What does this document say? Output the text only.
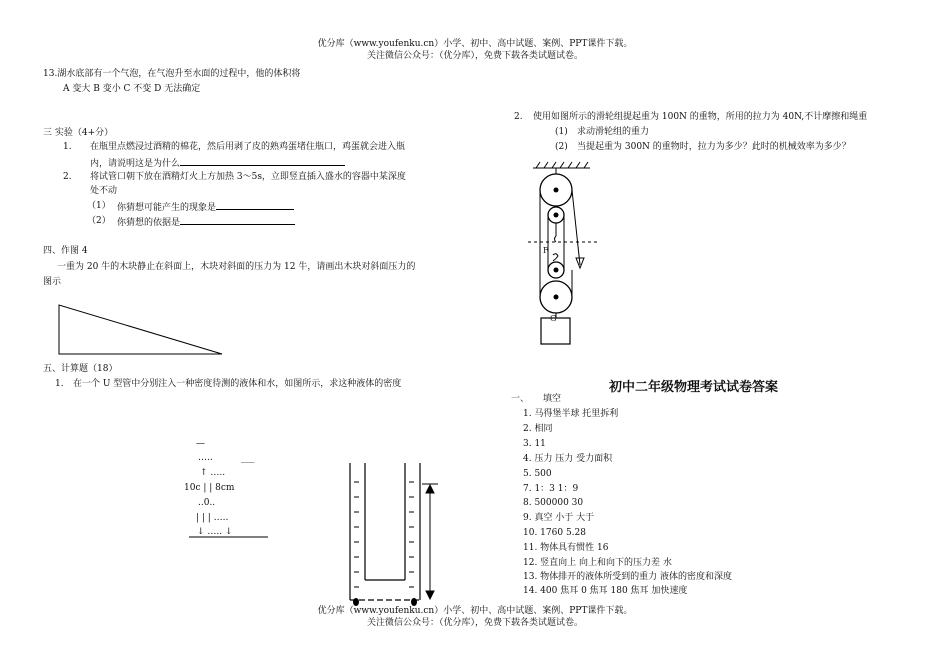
优分库（www.youfenku.cn）小学、初中、高中试题、案例、PPT课件下载。
关注微信公众号：（优分库），免费下载各类试题试卷。
13.湖水底部有一个气泡，在气泡升至水面的过程中，他的体积将
A 变大 B 变小 C 不变 D 无法确定
三 实验（4+分）
1. 在瓶里点燃浸过酒精的棉花，然后用剥了皮的熟鸡蛋堵住瓶口，鸡蛋就会进入瓶
内，请说明这是为什么
2. 将试管口朝下放在酒精灯火上方加热 3～5s，立即竖直插入盛水的容器中某深度
处不动
（1） 你猜想可能产生的现象是
（2） 你猜想的依据是
四、作图 4
一重为 20 牛的木块静止在斜面上，木块对斜面的压力为 12 牛，请画出木块对斜面压力的
图示
五、计算题（18）
1. 在一个 U 型管中分别注入一种密度待测的液体和水，如图所示，求这种液体的密度
—
…..	___
↑ …..
10c | | 8cm
..0..
| | | …..
↓ ….. ↓
2. 使用如图所示的滑轮组提起重为 100N 的重物，所用的拉力为 40N,不计摩擦和绳重
(1) 求动滑轮组的重力
(2) 当提起重为 300N 的重物时，拉力为多少？此时的机械效率为多少？
F
G
初中二年级物理考试试卷答案
一、 填空
1. 马得堡半球 托里拆利
2. 相同
3. 11
4. 压力 压力 受力面积
5. 500
7. 1：3 1：9
8. 500000 30
9. 真空 小于 大于
10. 1760 5.28
11. 物体具有惯性 16
12. 竖直向上 向上和向下的压力差 水
13. 物体排开的液体所受到的重力 液体的密度和深度
14. 400 焦耳 0 焦耳 180 焦耳 加快速度
优分库（www.youfenku.cn）小学、初中、高中试题、案例、PPT课件下载。
关注微信公众号：（优分库），免费下载各类试题试卷。
